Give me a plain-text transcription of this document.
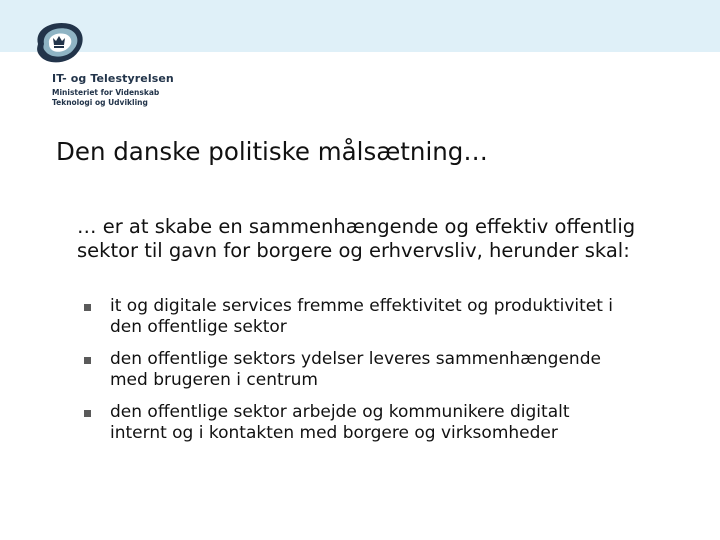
IT- og Telestyrelsen
Ministeriet for Videnskab
Teknologi og Udvikling
Den danske politiske målsætning…

… er at skabe en sammenhængende og effektiv offentlig sektor til gavn for borgere og erhvervsliv, herunder skal:

it og digitale services fremme effektivitet og produktivitet i den offentlige sektor
den offentlige sektors ydelser leveres sammenhængende med brugeren i centrum
den offentlige sektor arbejde og kommunikere digitalt internt og i kontakten med borgere og virksomheder
